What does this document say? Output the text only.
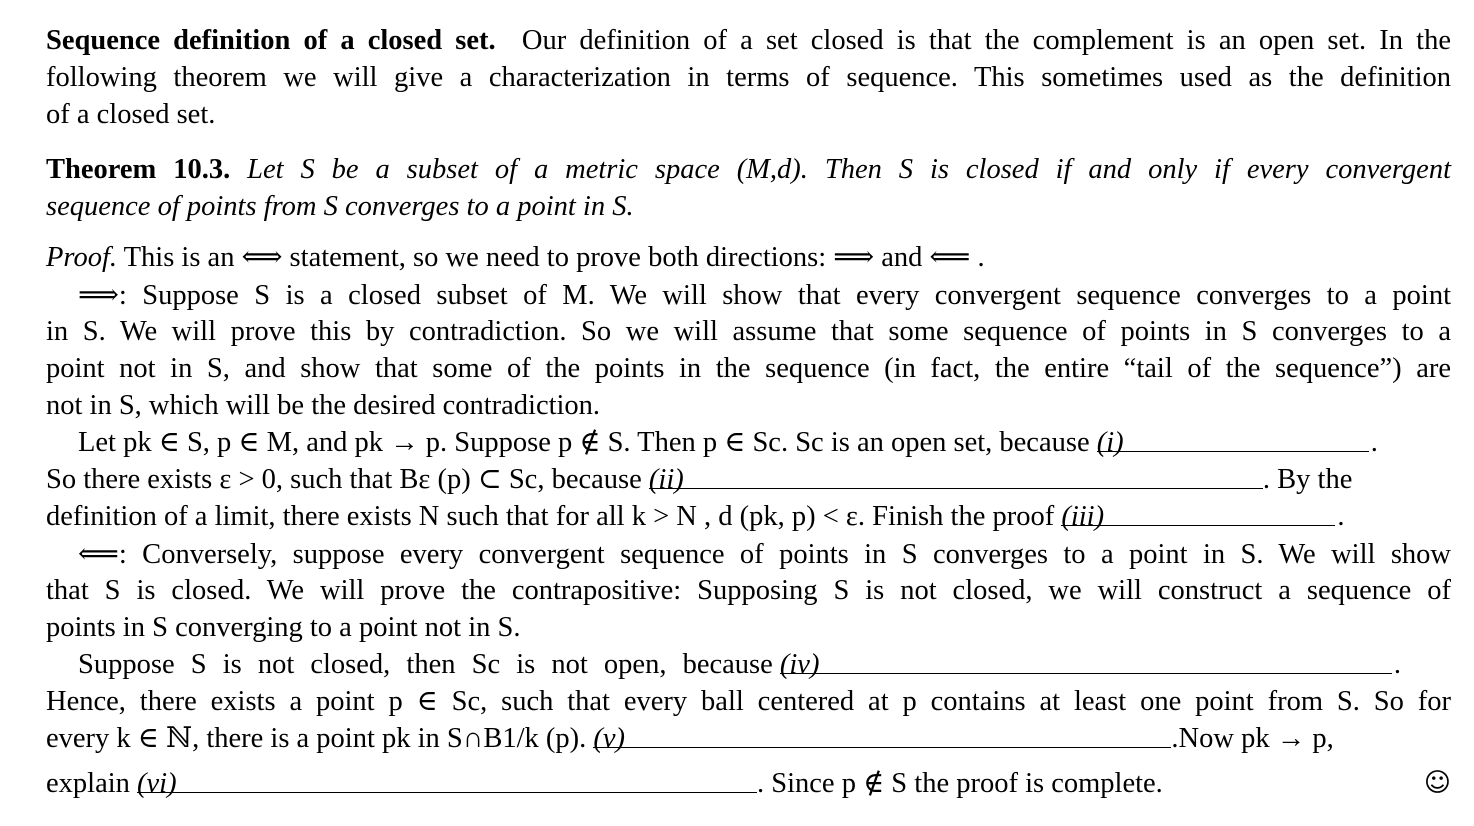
Sequence definition of a closed set. Our definition of a set closed is that the complement is an open set. In the
following theorem we will give a characterization in terms of sequence. This sometimes used as the definition
of a closed set.
Theorem 10.3. Let S be a subset of a metric space (M,d). Then S is closed if and only if every convergent
sequence of points from S converges to a point in S.
Proof. This is an ⟺ statement, so we need to prove both directions: ⟹ and ⟸ .
⟹: Suppose S is a closed subset of M. We will show that every convergent sequence converges to a point
in S. We will prove this by contradiction. So we will assume that some sequence of points in S converges to a
point not in S, and show that some of the points in the sequence (in fact, the entire “tail of the sequence”) are
not in S, which will be the desired contradiction.
Let pk ∈ S, p ∈ M, and pk → p. Suppose p ∉ S. Then p ∈ Sc. Sc is an open set, because (i)	.
So there exists ε > 0, such that Bε (p) ⊂ Sc, because (ii)	. By the
definition of a limit, there exists N such that for all k > N , d (pk, p) < ε. Finish the proof (iii)	.
⟸: Conversely, suppose every convergent sequence of points in S converges to a point in S. We will show
that S is closed. We will prove the contrapositive: Supposing S is not closed, we will construct a sequence of
points in S converging to a point not in S.
Suppose S is not closed, then Sc is not open, because (iv)	.
Hence, there exists a point p ∈ Sc, such that every ball centered at p contains at least one point from S. So for
every k ∈ ℕ, there is a point pk in S∩B1/k (p). (v)	.Now pk → p,
explain (vi)	. Since p ∉ S the proof is complete.	☺
